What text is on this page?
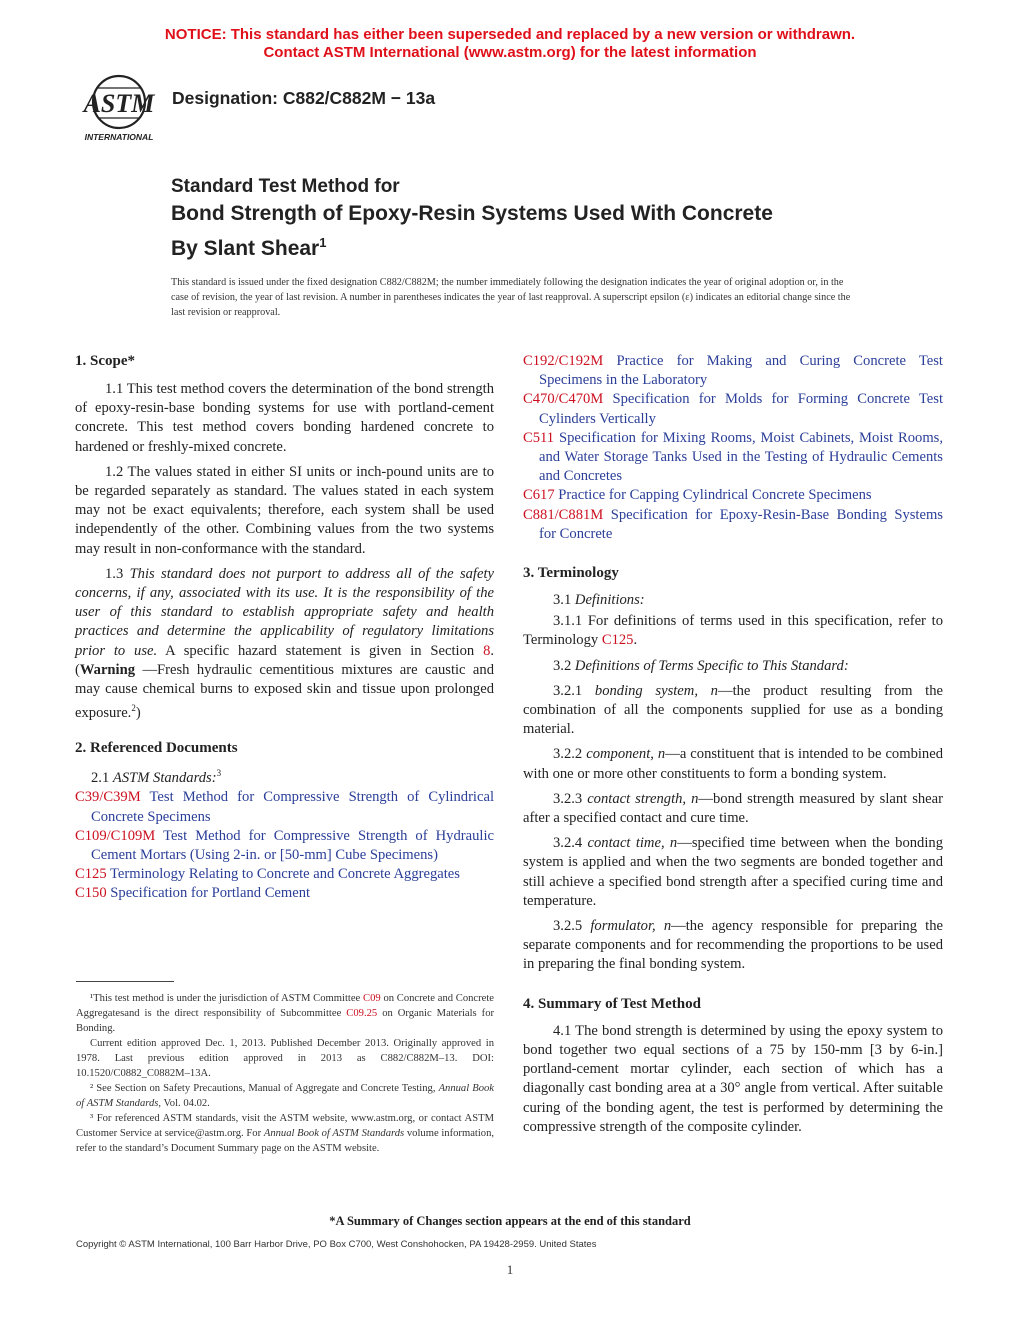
NOTICE: This standard has either been superseded and replaced by a new version or withdrawn.
Contact ASTM International (www.astm.org) for the latest information
ASTM
INTERNATIONAL
Designation: C882/C882M − 13a
Standard Test Method for
Bond Strength of Epoxy-Resin Systems Used With Concrete
By Slant Shear$^1$
This standard is issued under the fixed designation C882/C882M; the number immediately following the designation indicates the year of original adoption or, in the case of revision, the year of last revision. A number in parentheses indicates the year of last reapproval. A superscript epsilon (ε) indicates an editorial change since the last revision or reapproval.
1. Scope*

1.1 This test method covers the determination of the bond strength of epoxy-resin-base bonding systems for use with portland-cement concrete. This test method covers bonding hardened concrete to hardened or freshly-mixed concrete.

1.2 The values stated in either SI units or inch-pound units are to be regarded separately as standard. The values stated in each system may not be exact equivalents; therefore, each system shall be used independently of the other. Combining values from the two systems may result in non-conformance with the standard.

1.3 This standard does not purport to address all of the safety concerns, if any, associated with its use. It is the responsibility of the user of this standard to establish appropriate safety and health practices and determine the applicability of regulatory limitations prior to use. A specific hazard statement is given in Section 8.(Warning —Fresh hydraulic cementitious mixtures are caustic and may cause chemical burns to exposed skin and tissue upon prolonged exposure.$^2$)

2. Referenced Documents

2.1 ASTM Standards:$^3$

C39/C39M Test Method for Compressive Strength of Cylindrical Concrete Specimens
C109/C109M Test Method for Compressive Strength of Hydraulic Cement Mortars (Using 2-in. or [50-mm] Cube Specimens)
C125 Terminology Relating to Concrete and Concrete Aggregates
C150 Specification for Portland Cement

¹This test method is under the jurisdiction of ASTM Committee C09 on Concrete and Concrete Aggregatesand is the direct responsibility of Subcommittee C09.25 on Organic Materials for Bonding.

Current edition approved Dec. 1, 2013. Published December 2013. Originally approved in 1978. Last previous edition approved in 2013 as C882/C882M–13. DOI: 10.1520/C0882_C0882M–13A.

² See Section on Safety Precautions, Manual of Aggregate and Concrete Testing, Annual Book of ASTM Standards, Vol. 04.02.

³ For referenced ASTM standards, visit the ASTM website, www.astm.org, or contact ASTM Customer Service at service@astm.org. For Annual Book of ASTM Standards volume information, refer to the standard’s Document Summary page on the ASTM website.

C192/C192M Practice for Making and Curing Concrete Test Specimens in the Laboratory
C470/C470M Specification for Molds for Forming Concrete Test Cylinders Vertically
C511 Specification for Mixing Rooms, Moist Cabinets, Moist Rooms, and Water Storage Tanks Used in the Testing of Hydraulic Cements and Concretes
C617 Practice for Capping Cylindrical Concrete Specimens
C881/C881M Specification for Epoxy-Resin-Base Bonding Systems for Concrete
3. Terminology

3.1 Definitions:

3.1.1 For definitions of terms used in this specification, refer to Terminology C125.

3.2 Definitions of Terms Specific to This Standard:

3.2.1 bonding system, n—the product resulting from the combination of all the components supplied for use as a bonding material.

3.2.2 component, n—a constituent that is intended to be combined with one or more other constituents to form a bonding system.

3.2.3 contact strength, n—bond strength measured by slant shear after a specified contact and cure time.

3.2.4 contact time, n—specified time between when the bonding system is applied and when the two segments are bonded together and still achieve a specified bond strength after a specified curing time and temperature.

3.2.5 formulator, n—the agency responsible for preparing the separate components and for recommending the proportions to be used in preparing the final bonding system.

4. Summary of Test Method

4.1 The bond strength is determined by using the epoxy system to bond together two equal sections of a 75 by 150-mm [3 by 6-in.] portland-cement mortar cylinder, each section of which has a diagonally cast bonding area at a 30° angle from vertical. After suitable curing of the bonding agent, the test is performed by determining the compressive strength of the composite cylinder.

*A Summary of Changes section appears at the end of this standard
Copyright © ASTM International, 100 Barr Harbor Drive, PO Box C700, West Conshohocken, PA 19428-2959. United States
1
